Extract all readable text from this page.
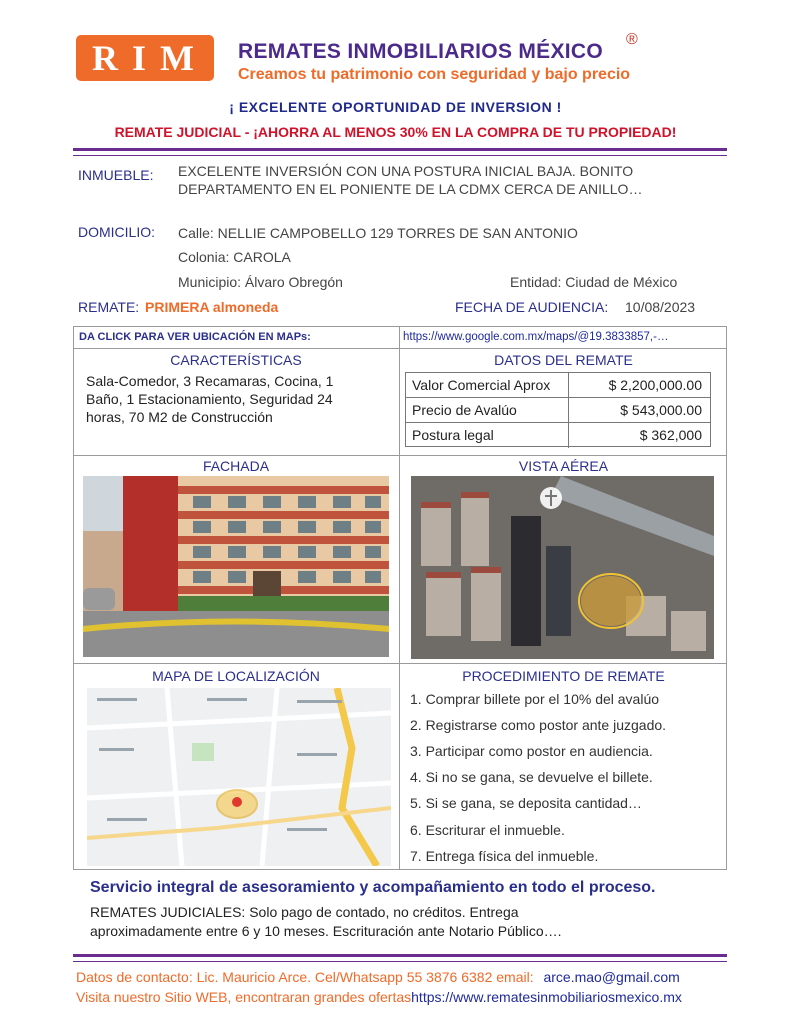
RIM REMATES INMOBILIARIOS MÉXICO
®
Creamos tu patrimonio con seguridad y bajo precio
¡ EXCELENTE OPORTUNIDAD DE INVERSION !
REMATE JUDICIAL - ¡AHORRA AL MENOS 30% EN LA COMPRA DE TU PROPIEDAD!
INMUEBLE: EXCELENTE INVERSIÓN CON UNA POSTURA INICIAL BAJA. BONITO
DEPARTAMENTO EN EL PONIENTE DE LA CDMX CERCA DE ANILLO…
DOMICILIO: Calle: NELLIE CAMPOBELLO 129 TORRES DE SAN ANTONIO
Colonia: CAROLA
Municipio: Álvaro Obregón	Entidad: Ciudad de México
REMATE: PRIMERA almoneda	FECHA DE AUDIENCIA: 10/08/2023
DA CLICK PARA VER UBICACIÓN EN MAPs:	https://www.google.com.mx/maps/@19.3833857,-…
CARACTERÍSTICAS
Sala-Comedor, 3 Recamaras, Cocina, 1
Baño, 1 Estacionamiento, Seguridad 24
horas, 70 M2 de Construcción
DATOS DEL REMATE
Valor Comercial Aprox	$ 2,200,000.00
Precio de Avalúo	$ 543,000.00
Postura legal	$ 362,000
FACHADA	VISTA AÉREA
MAPA DE LOCALIZACIÓN	PROCEDIMIENTO DE REMATE
1. Comprar billete por el 10% del avalúo
2. Registrarse como postor ante juzgado.
3. Participar como postor en audiencia.
4. Si no se gana, se devuelve el billete.
5. Si se gana, se deposita cantidad…
6. Escriturar el inmueble.
7. Entrega física del inmueble.
Servicio integral de asesoramiento y acompañamiento en todo el proceso.
REMATES JUDICIALES: Solo pago de contado, no créditos. Entrega
aproximadamente entre 6 y 10 meses. Escrituración ante Notario Público….
Datos de contacto: Lic. Mauricio Arce. Cel/Whatsapp 55 3876 6382 email: arce.mao@gmail.com
Visita nuestro Sitio WEB, encontraran grandes ofertashttps://www.rematesinmobiliariosmexico.mx
